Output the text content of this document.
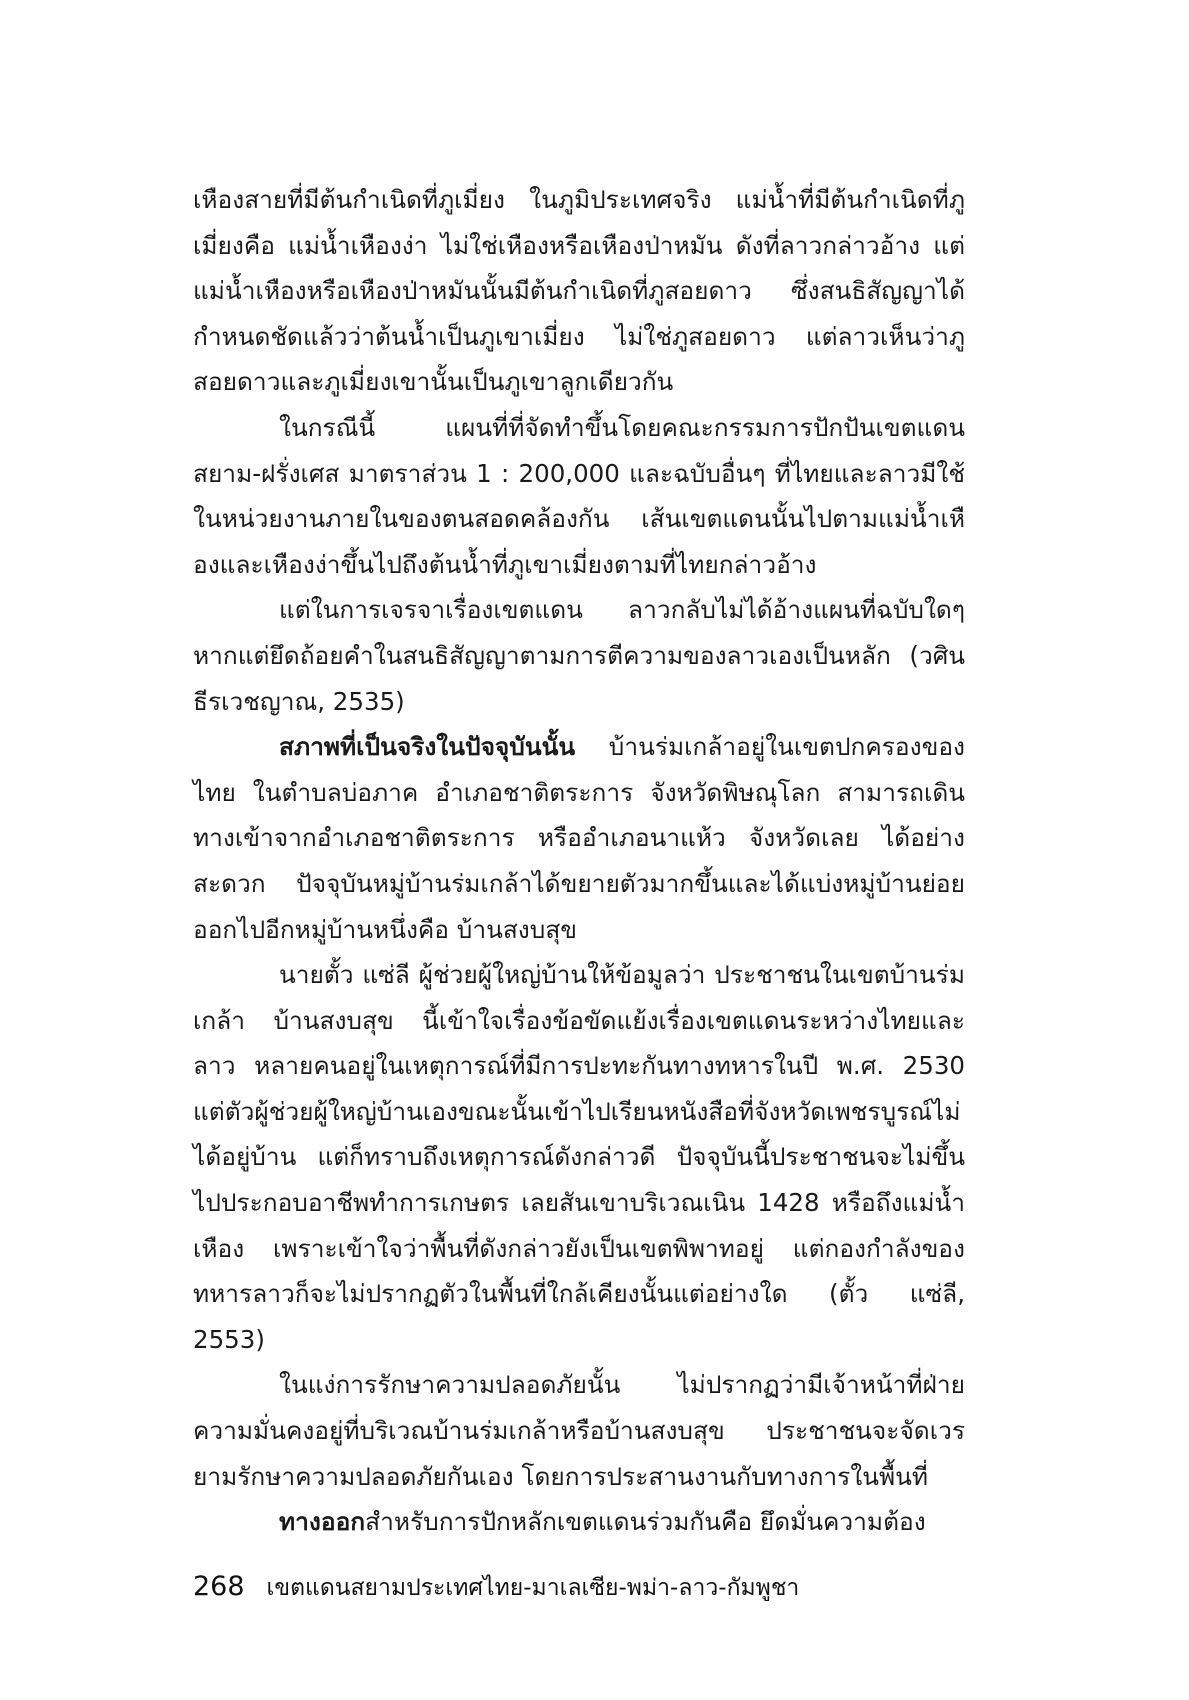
เหืองสายที่มีต้นกำเนิดที่ภูเมี่ยง ในภูมิประเทศจริง แม่น้ำที่มีต้นกำเนิดที่ภูเมี่ยงคือ แม่น้ำเหืองง่า ไม่ใช่เหืองหรือเหืองป่าหมัน ดังที่ลาวกล่าวอ้าง แต่แม่น้ำเหืองหรือเหืองป่าหมันนั้นมีต้นกำเนิดที่ภูสอยดาว ซึ่งสนธิสัญญาได้กำหนดชัดแล้วว่าต้นน้ำเป็นภูเขาเมี่ยง ไม่ใช่ภูสอยดาว แต่ลาวเห็นว่าภูสอยดาวและภูเมี่ยงเขานั้นเป็นภูเขาลูกเดียวกัน

ในกรณีนี้ แผนที่ที่จัดทำขึ้นโดยคณะกรรมการปักปันเขตแดนสยาม-ฝรั่งเศส มาตราส่วน 1 : 200,000 และฉบับอื่นๆ ที่ไทยและลาวมีใช้ในหน่วยงานภายในของตนสอดคล้องกัน เส้นเขตแดนนั้นไปตามแม่น้ำเหืองและเหืองง่าขึ้นไปถึงต้นน้ำที่ภูเขาเมี่ยงตามที่ไทยกล่าวอ้าง

แต่ในการเจรจาเรื่องเขตแดน ลาวกลับไม่ได้อ้างแผนที่ฉบับใดๆ หากแต่ยึดถ้อยคำในสนธิสัญญาตามการตีความของลาวเองเป็นหลัก (วศิน ธีรเวชญาณ, 2535)

สภาพที่เป็นจริงในปัจจุบันนั้น บ้านร่มเกล้าอยู่ในเขตปกครองของไทย ในตำบลบ่อภาค อำเภอชาติตระการ จังหวัดพิษณุโลก สามารถเดินทางเข้าจากอำเภอชาติตระการ หรืออำเภอนาแห้ว จังหวัดเลย ได้อย่างสะดวก ปัจจุบันหมู่บ้านร่มเกล้าได้ขยายตัวมากขึ้นและได้แบ่งหมู่บ้านย่อยออกไปอีกหมู่บ้านหนึ่งคือ บ้านสงบสุข

นายตั้ว แซ่ลี ผู้ช่วยผู้ใหญ่บ้านให้ข้อมูลว่า ประชาชนในเขตบ้านร่มเกล้า บ้านสงบสุข นี้เข้าใจเรื่องข้อขัดแย้งเรื่องเขตแดนระหว่างไทยและลาว หลายคนอยู่ในเหตุการณ์ที่มีการปะทะกันทางทหารในปี พ.ศ. 2530 แต่ตัวผู้ช่วยผู้ใหญ่บ้านเองขณะนั้นเข้าไปเรียนหนังสือที่จังหวัดเพชรบูรณ์ไม่ได้อยู่บ้าน แต่ก็ทราบถึงเหตุการณ์ดังกล่าวดี ปัจจุบันนี้ประชาชนจะไม่ขึ้นไปประกอบอาชีพทำการเกษตร เลยสันเขาบริเวณเนิน 1428 หรือถึงแม่น้ำเหือง เพราะเข้าใจว่าพื้นที่ดังกล่าวยังเป็นเขตพิพาทอยู่ แต่กองกำลังของทหารลาวก็จะไม่ปรากฏตัวในพื้นที่ใกล้เคียงนั้นแต่อย่างใด (ตั้ว แซ่ลี, 2553)

ในแง่การรักษาความปลอดภัยนั้น ไม่ปรากฏว่ามีเจ้าหน้าที่ฝ่ายความมั่นคงอยู่ที่บริเวณบ้านร่มเกล้าหรือบ้านสงบสุข ประชาชนจะจัดเวรยามรักษาความปลอดภัยกันเอง โดยการประสานงานกับทางการในพื้นที่

ทางออกสำหรับการปักหลักเขตแดนร่วมกันคือ ยึดมั่นความต้อง

268 เขตแดนสยามประเทศไทย-มาเลเซีย-พม่า-ลาว-กัมพูชา
